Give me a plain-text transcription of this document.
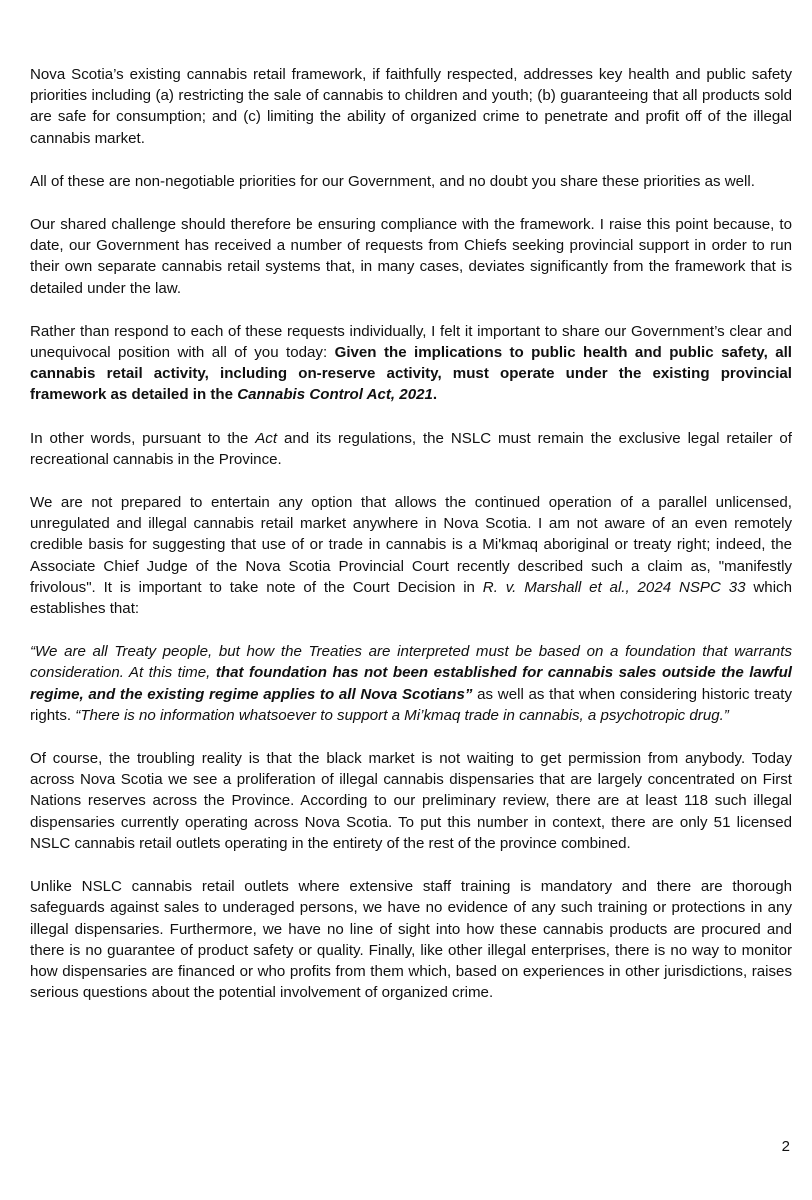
Nova Scotia’s existing cannabis retail framework, if faithfully respected, addresses key health and public safety priorities including (a) restricting the sale of cannabis to children and youth; (b) guaranteeing that all products sold are safe for consumption; and (c) limiting the ability of organized crime to penetrate and profit off of the illegal cannabis market.

All of these are non-negotiable priorities for our Government, and no doubt you share these priorities as well.

Our shared challenge should therefore be ensuring compliance with the framework. I raise this point because, to date, our Government has received a number of requests from Chiefs seeking provincial support in order to run their own separate cannabis retail systems that, in many cases, deviates significantly from the framework that is detailed under the law.

Rather than respond to each of these requests individually, I felt it important to share our Government’s clear and unequivocal position with all of you today: Given the implications to public health and public safety, all cannabis retail activity, including on-reserve activity, must operate under the existing provincial framework as detailed in the Cannabis Control Act, 2021.

In other words, pursuant to the Act and its regulations, the NSLC must remain the exclusive legal retailer of recreational cannabis in the Province.

We are not prepared to entertain any option that allows the continued operation of a parallel unlicensed, unregulated and illegal cannabis retail market anywhere in Nova Scotia. I am not aware of an even remotely credible basis for suggesting that use of or trade in cannabis is a Mi'kmaq aboriginal or treaty right; indeed, the Associate Chief Judge of the Nova Scotia Provincial Court recently described such a claim as, "manifestly frivolous". It is important to take note of the Court Decision in R. v. Marshall et al., 2024 NSPC 33 which establishes that:

“We are all Treaty people, but how the Treaties are interpreted must be based on a foundation that warrants consideration. At this time, that foundation has not been established for cannabis sales outside the lawful regime, and the existing regime applies to all Nova Scotians” as well as that when considering historic treaty rights. “There is no information whatsoever to support a Mi’kmaq trade in cannabis, a psychotropic drug.”

Of course, the troubling reality is that the black market is not waiting to get permission from anybody. Today across Nova Scotia we see a proliferation of illegal cannabis dispensaries that are largely concentrated on First Nations reserves across the Province. According to our preliminary review, there are at least 118 such illegal dispensaries currently operating across Nova Scotia. To put this number in context, there are only 51 licensed NSLC cannabis retail outlets operating in the entirety of the rest of the province combined.

Unlike NSLC cannabis retail outlets where extensive staff training is mandatory and there are thorough safeguards against sales to underaged persons, we have no evidence of any such training or protections in any illegal dispensaries. Furthermore, we have no line of sight into how these cannabis products are procured and there is no guarantee of product safety or quality. Finally, like other illegal enterprises, there is no way to monitor how dispensaries are financed or who profits from them which, based on experiences in other jurisdictions, raises serious questions about the potential involvement of organized crime.

2
